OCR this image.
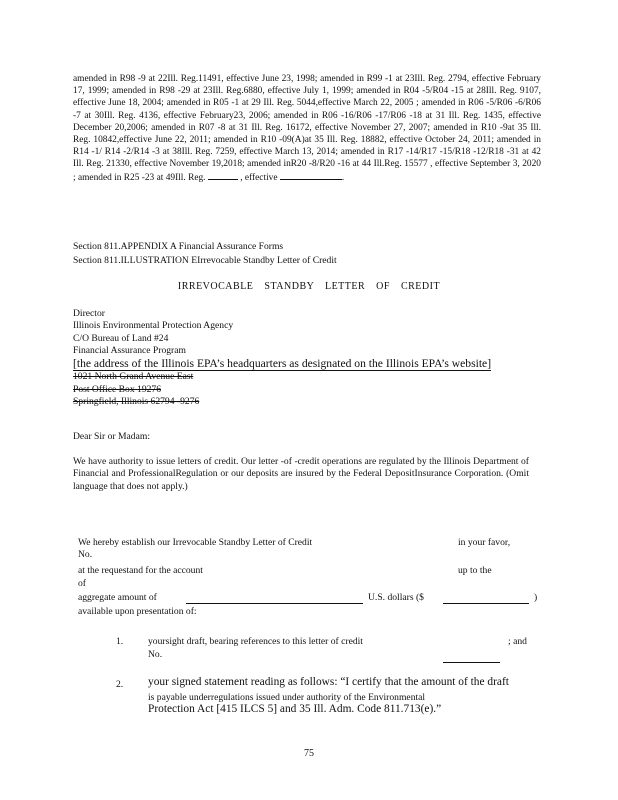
amended in R98 -9 at 22Ill. Reg.11491, effective June 23, 1998; amended in R99 -1 at 23Ill. Reg. 2794, effective February 17, 1999; amended in R98 -29 at 23Ill. Reg.6880, effective July 1, 1999; amended in R04 -5/R04 -15 at 28Ill. Reg. 9107, effective June 18, 2004; amended in R05 -1 at 29 Ill. Reg. 5044,effective March 22, 2005 ; amended in R06 -5/R06 -6/R06 -7 at 30Ill. Reg. 4136, effective February23, 2006; amended in R06 -16/R06 -17/R06 -18 at 31 Ill. Reg. 1435, effective December 20,2006; amended in R07 -8 at 31 Ill. Reg. 16172, effective November 27, 2007; amended in R10 -9at 35 Ill. Reg. 10842,effective June 22, 2011; amended in R10 -09(A)at 35 Ill. Reg. 18882, effective October 24, 2011; amended in R14 -1/ R14 -2/R14 -3 at 38Ill. Reg. 7259, effective March 13, 2014; amended in R17 -14/R17 -15/R18 -12/R18 -31 at 42 Ill. Reg. 21330, effective November 19,2018; amended inR20 -8/R20 -16 at 44 Ill.Reg. 15577 , effective September 3, 2020 ; amended in R25 -23 at 49Ill. Reg.	, effective	.

Section 811.APPENDIX A Financial Assurance Forms
Section 811.ILLUSTRATION EIrrevocable Standby Letter of Credit
IRREVOCABLE STANDBY LETTER OF CREDIT
Director
Illinois Environmental Protection Agency
C/O Bureau of Land #24
Financial Assurance Program
[the address of the Illinois EPA’s headquarters as designated on the Illinois EPA’s website]
1021 North Grand Avenue East
Post Office Box 19276
Springfield, Illinois 62794 -9276
Dear Sir or Madam:

We have authority to issue letters of credit. Our letter -of -credit operations are regulated by the Illinois Department of Financial and ProfessionalRegulation or our deposits are insured by the Federal DepositInsurance Corporation. (Omit language that does not apply.)

We hereby establish our Irrevocable Standby Letter of Credit	in your favor,
No.
at the requestand for the account	up to the
of
aggregate amount of	U.S. dollars ($	)
available upon presentation of:
1.	yoursight draft, bearing references to this letter of credit	; and
No.
2. your signed statement reading as follows: “I certify that the amount of the draft
is payable underregulations issued under authority of the Environmental
Protection Act [415 ILCS 5] and 35 Ill. Adm. Code 811.713(e).”
75
